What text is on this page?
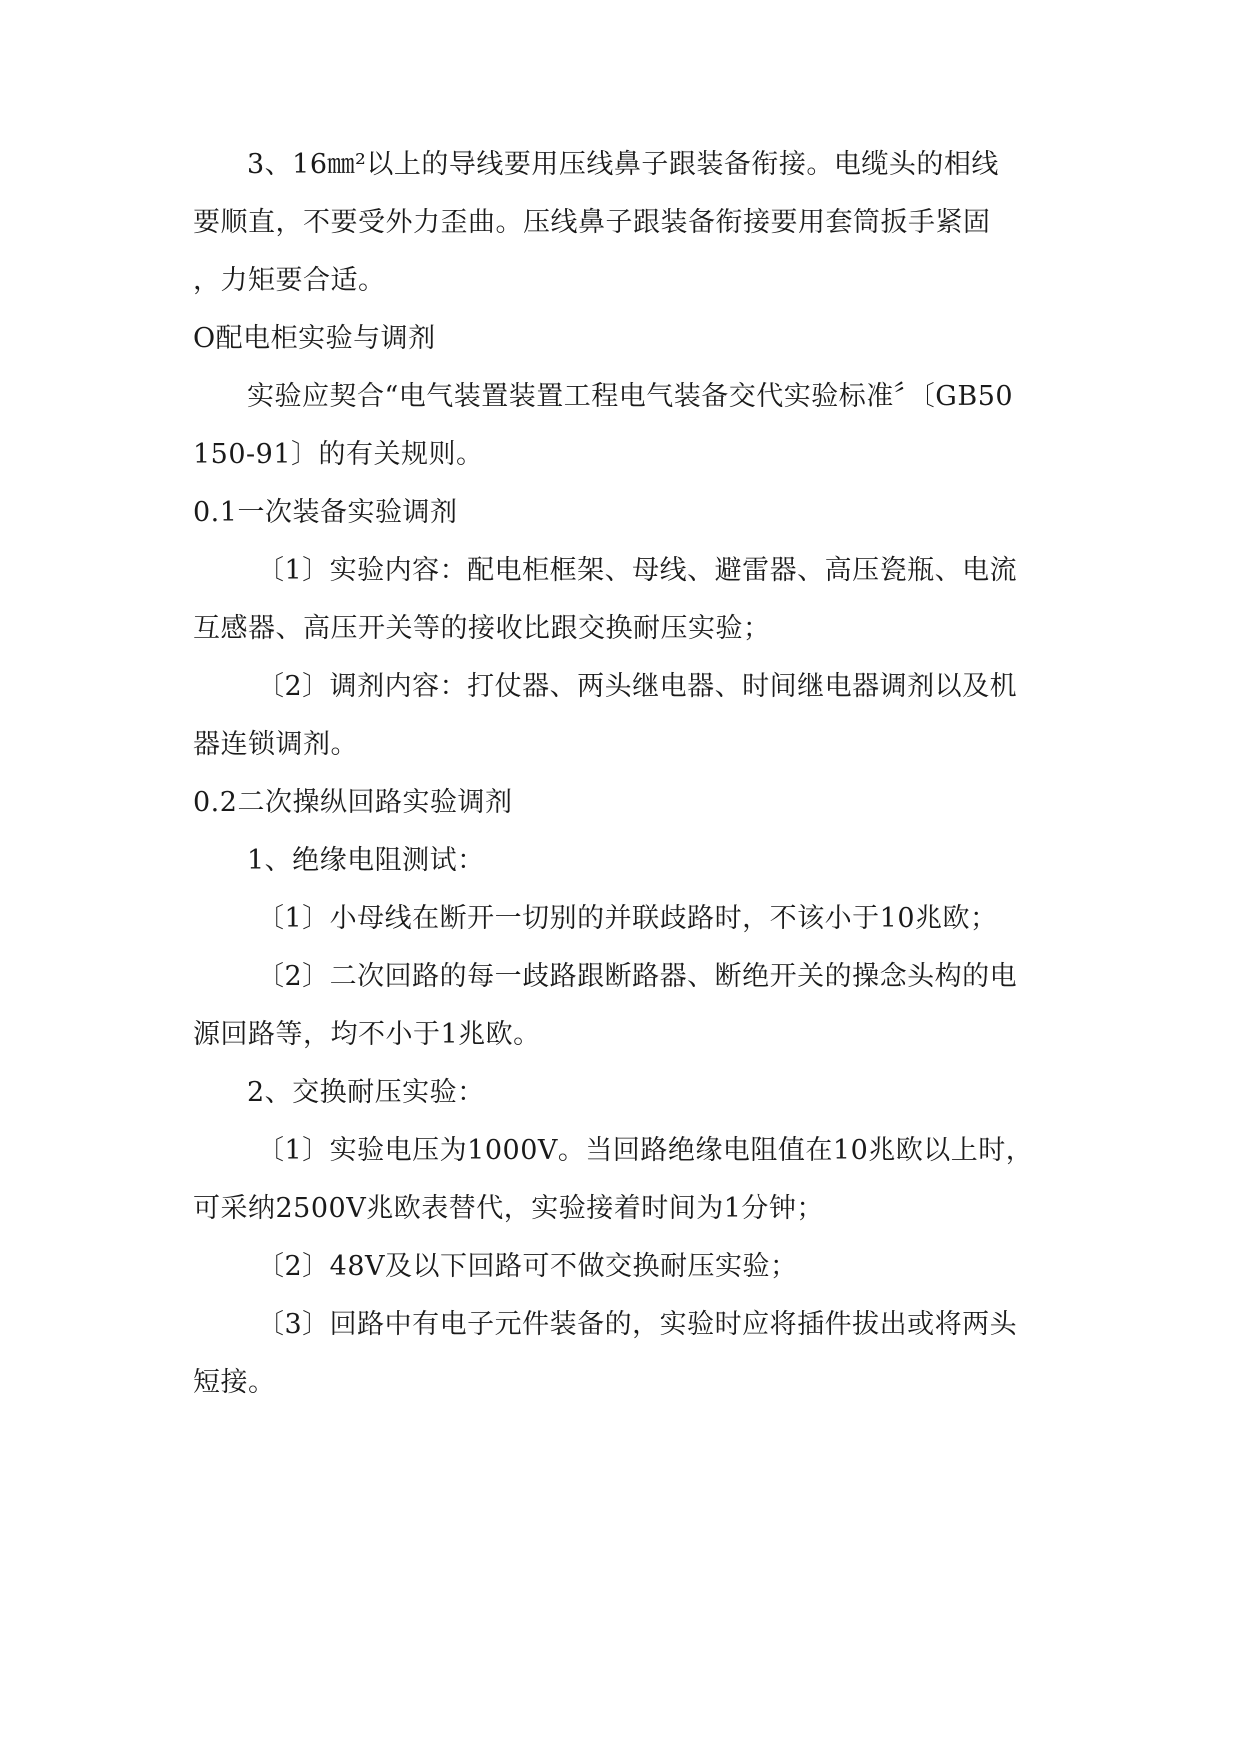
3、16㎜²以上的导线要用压线鼻子跟装备衔接。电缆头的相线
要顺直，不要受外力歪曲。压线鼻子跟装备衔接要用套筒扳手紧固
，力矩要合适。
O配电柜实验与调剂
实验应契合“电气装置装置工程电气装备交代实验标准〞〔GB50
150-91〕的有关规则。
0.1一次装备实验调剂
〔1〕实验内容：配电柜框架、母线、避雷器、高压瓷瓶、电流
互感器、高压开关等的接收比跟交换耐压实验；
〔2〕调剂内容：打仗器、两头继电器、时间继电器调剂以及机
器连锁调剂。
0.2二次操纵回路实验调剂
1、绝缘电阻测试：
〔1〕小母线在断开一切别的并联歧路时，不该小于10兆欧；
〔2〕二次回路的每一歧路跟断路器、断绝开关的操念头构的电
源回路等，均不小于1兆欧。
2、交换耐压实验：
〔1〕实验电压为1000V。当回路绝缘电阻值在10兆欧以上时，
可采纳2500V兆欧表替代，实验接着时间为1分钟；
〔2〕48V及以下回路可不做交换耐压实验；
〔3〕回路中有电子元件装备的，实验时应将插件拔出或将两头
短接。
